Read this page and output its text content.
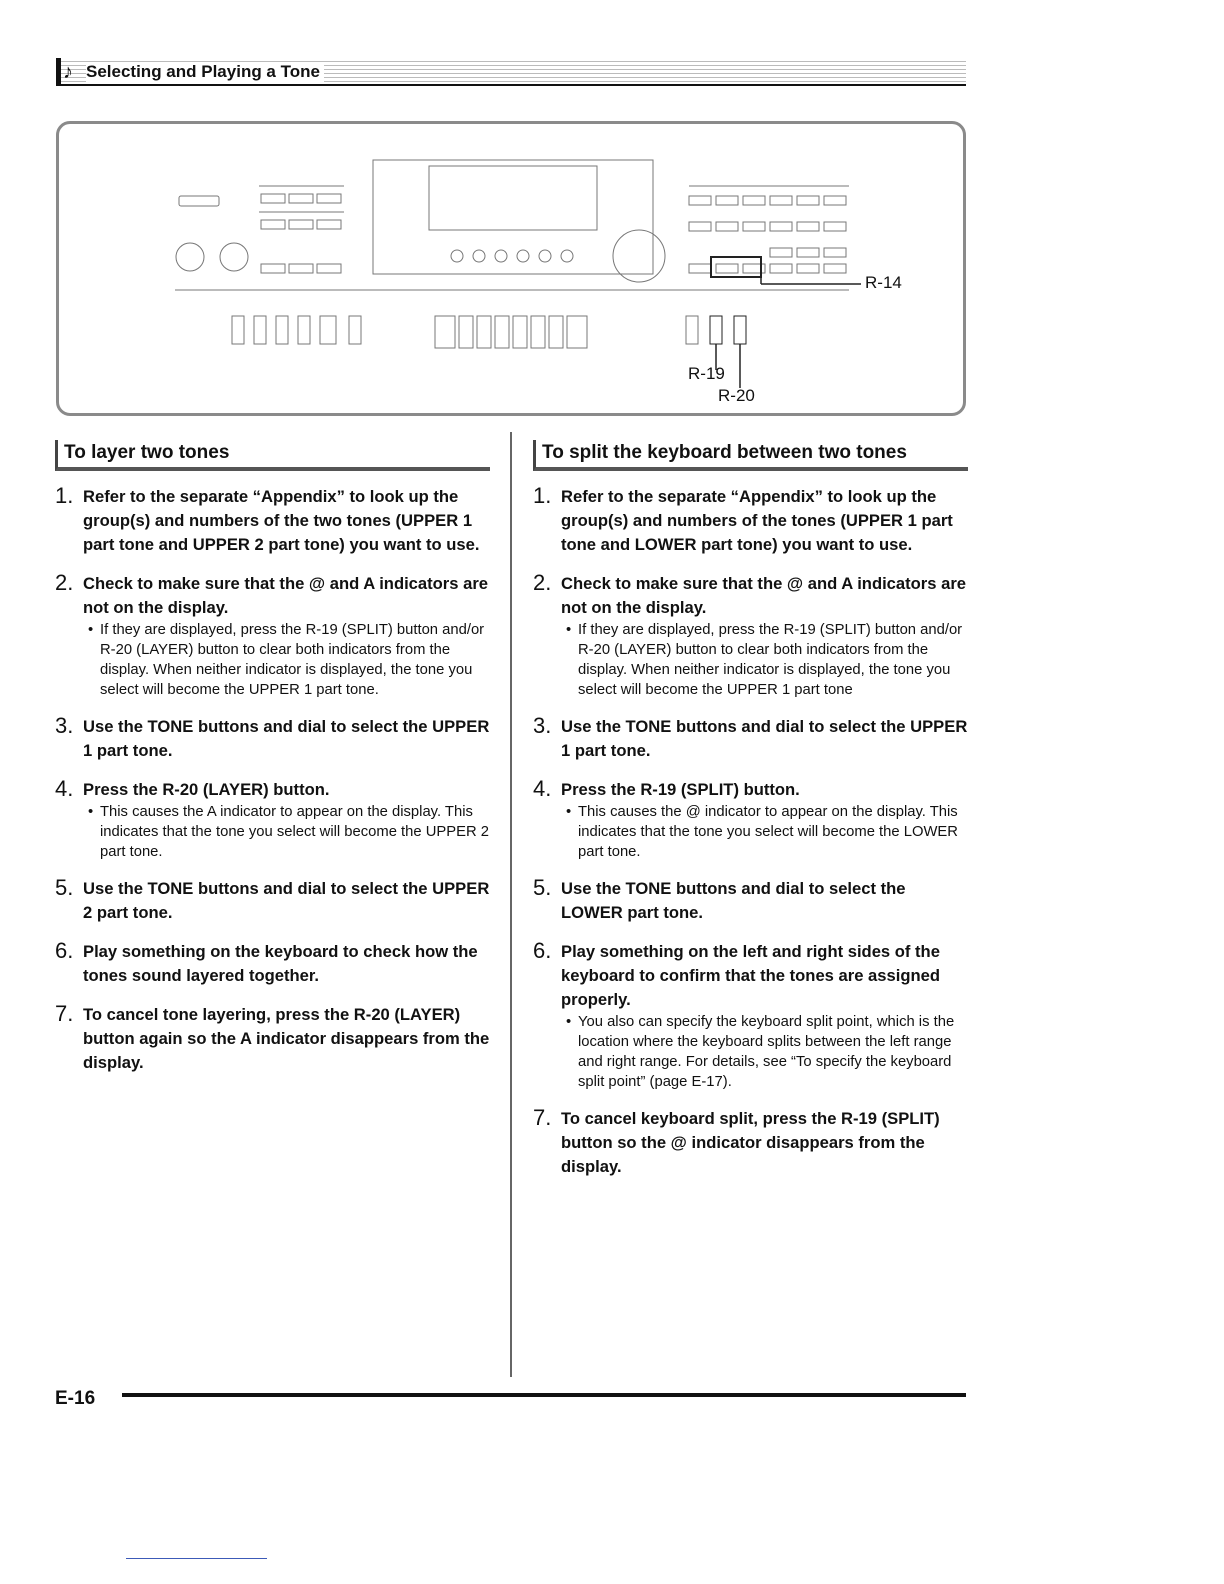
♪ Selecting and Playing a Tone
R-14
R-19
R-20
To layer two tones
1. Refer to the separate “Appendix” to look up the group(s) and numbers of the two tones (UPPER 1 part tone and UPPER 2 part tone) you want to use.
2. Check to make sure that the @ and A indicators are not on the display.
• If they are displayed, press the R-19 (SPLIT) button and/or R-20 (LAYER) button to clear both indicators from the display. When neither indicator is displayed, the tone you select will become the UPPER 1 part tone.
3. Use the TONE buttons and dial to select the UPPER 1 part tone.
4. Press the R-20 (LAYER) button.
• This causes the A indicator to appear on the display. This indicates that the tone you select will become the UPPER 2 part tone.
5. Use the TONE buttons and dial to select the UPPER 2 part tone.
6. Play something on the keyboard to check how the tones sound layered together.
7. To cancel tone layering, press the R-20 (LAYER) button again so the A indicator disappears from the display.
To split the keyboard between two tones
1. Refer to the separate “Appendix” to look up the group(s) and numbers of the tones (UPPER 1 part tone and LOWER part tone) you want to use.
2. Check to make sure that the @ and A indicators are not on the display.
• If they are displayed, press the R-19 (SPLIT) button and/or R-20 (LAYER) button to clear both indicators from the display. When neither indicator is displayed, the tone you select will become the UPPER 1 part tone
3. Use the TONE buttons and dial to select the UPPER 1 part tone.
4. Press the R-19 (SPLIT) button.
• This causes the @ indicator to appear on the display. This indicates that the tone you select will become the LOWER part tone.
5. Use the TONE buttons and dial to select the LOWER part tone.
6. Play something on the left and right sides of the keyboard to confirm that the tones are assigned properly.
• You also can specify the keyboard split point, which is the location where the keyboard splits between the left range and right range. For details, see “To specify the keyboard split point” (page E-17).
7. To cancel keyboard split, press the R-19 (SPLIT) button so the @ indicator disappears from the display.
E-16
